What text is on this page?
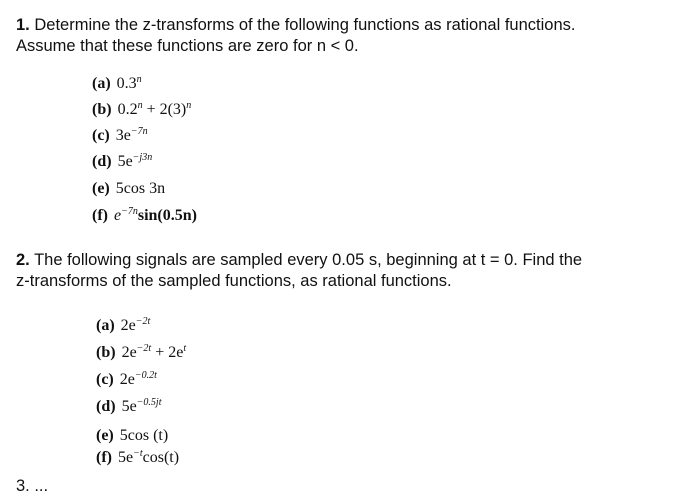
1. Determine the z-transforms of the following functions as rational functions.

Assume that these functions are zero for n < 0.

(a) 0.3$^n$
(b) $0.2^n + 2(3)^n$
(c) $3e^{-7n}$
(d) $5e^{-j3n}$
(e) 5cos 3n
(f) $e^{-7n}\sin(0.5n)$

2. The following signals are sampled every 0.05 s, beginning at t = 0. Find the

z-transforms of the sampled functions, as rational functions.

(a) $2e^{-2t}$
(b) $2e^{-2t} + 2e^t$
(c) $2e^{-0.2t}$
(d) $5e^{-0.5jt}$
(e) 5cos (t)
(f) $5e^{-t}\cos(t)$
3. ...
